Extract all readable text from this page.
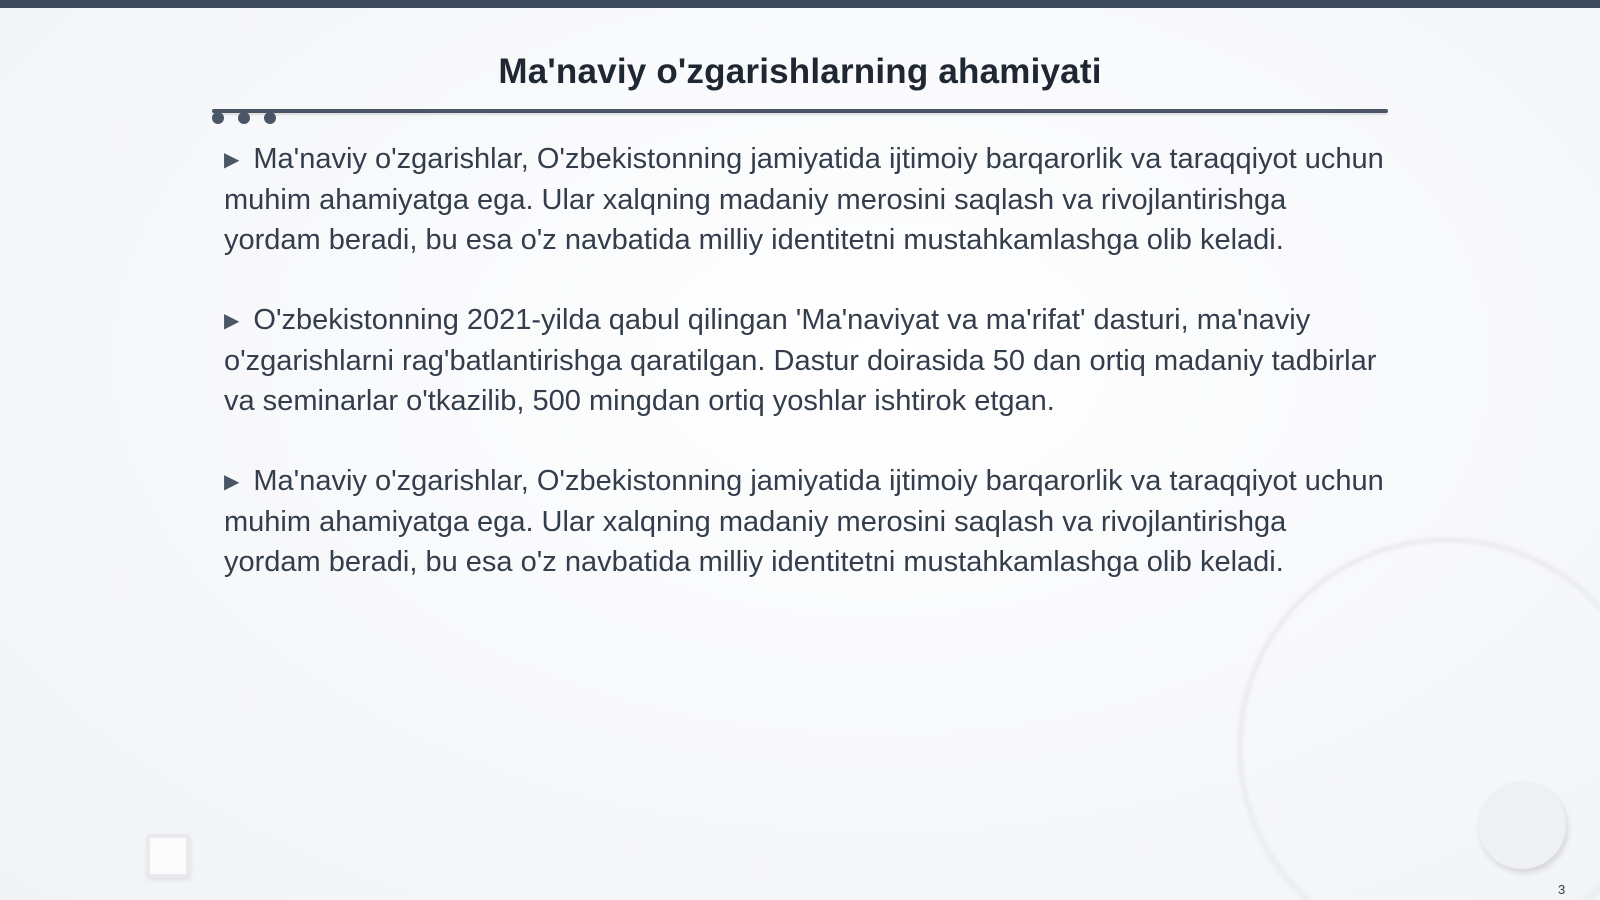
Ma'naviy o'zgarishlarning ahamiyati

▶ Ma'naviy o'zgarishlar, O'zbekistonning jamiyatida ijtimoiy barqarorlik va taraqqiyot uchun muhim ahamiyatga ega. Ular xalqning madaniy merosini saqlash va rivojlantirishga yordam beradi, bu esa o'z navbatida milliy identitetni mustahkamlashga olib keladi.

▶ O'zbekistonning 2021-yilda qabul qilingan 'Ma'naviyat va ma'rifat' dasturi, ma'naviy o'zgarishlarni rag'batlantirishga qaratilgan. Dastur doirasida 50 dan ortiq madaniy tadbirlar va seminarlar o'tkazilib, 500 mingdan ortiq yoshlar ishtirok etgan.

▶ Ma'naviy o'zgarishlar, O'zbekistonning jamiyatida ijtimoiy barqarorlik va taraqqiyot uchun muhim ahamiyatga ega. Ular xalqning madaniy merosini saqlash va rivojlantirishga yordam beradi, bu esa o'z navbatida milliy identitetni mustahkamlashga olib keladi.

3
